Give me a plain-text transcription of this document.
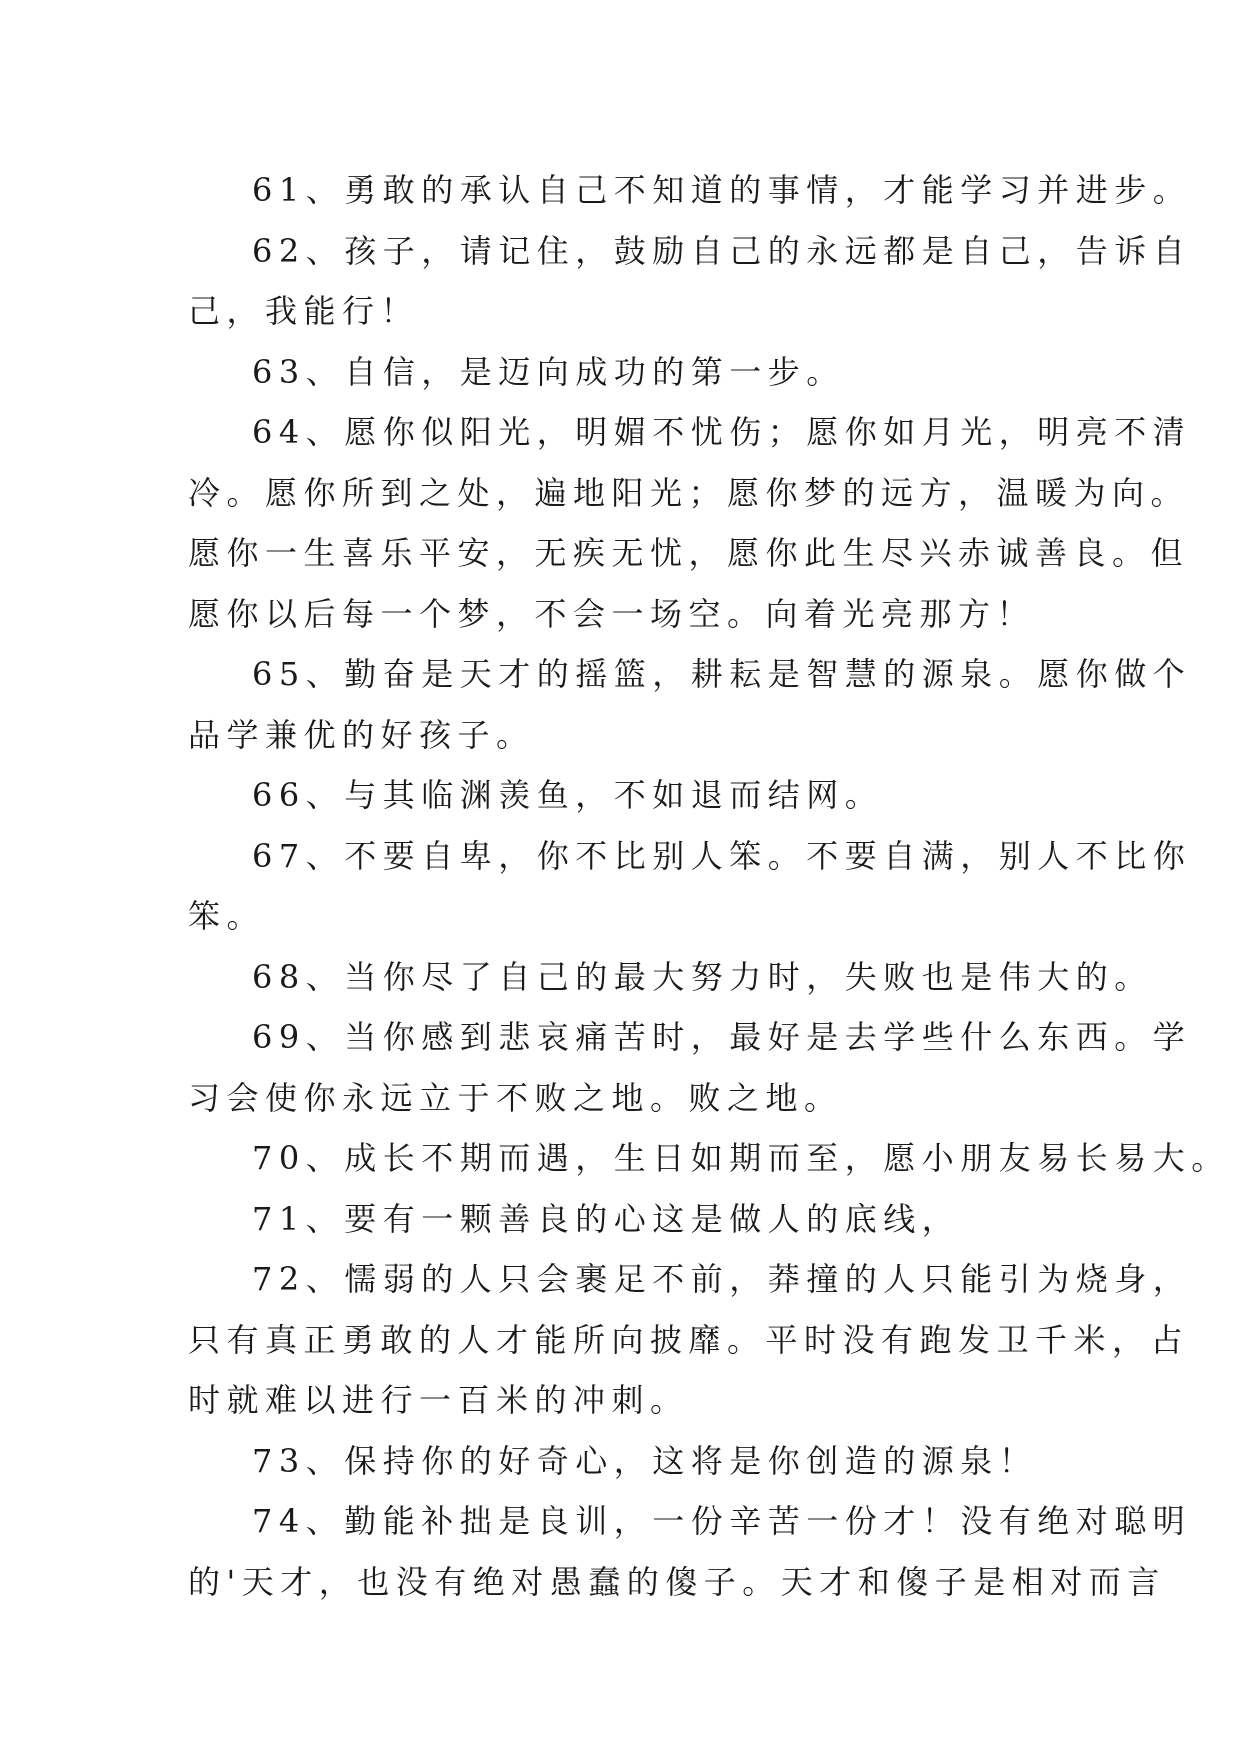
61、勇敢的承认自己不知道的事情，才能学习并进步。
62、孩子，请记住，鼓励自己的永远都是自己，告诉自
己，我能行！
63、自信，是迈向成功的第一步。
64、愿你似阳光，明媚不忧伤；愿你如月光，明亮不清
冷。愿你所到之处，遍地阳光；愿你梦的远方，温暖为向。
愿你一生喜乐平安，无疾无忧，愿你此生尽兴赤诚善良。但
愿你以后每一个梦，不会一场空。向着光亮那方！
65、勤奋是天才的摇篮，耕耘是智慧的源泉。愿你做个
品学兼优的好孩子。
66、与其临渊羡鱼，不如退而结网。
67、不要自卑，你不比别人笨。不要自满，别人不比你
笨。
68、当你尽了自己的最大努力时，失败也是伟大的。
69、当你感到悲哀痛苦时，最好是去学些什么东西。学
习会使你永远立于不败之地。败之地。
70、成长不期而遇，生日如期而至，愿小朋友易长易大。
71、要有一颗善良的心这是做人的底线，
72、懦弱的人只会裹足不前，莽撞的人只能引为烧身，
只有真正勇敢的人才能所向披靡。平时没有跑发卫千米，占
时就难以进行一百米的冲刺。
73、保持你的好奇心，这将是你创造的源泉！
74、勤能补拙是良训，一份辛苦一份才！没有绝对聪明
的'天才，也没有绝对愚蠢的傻子。天才和傻子是相对而言
